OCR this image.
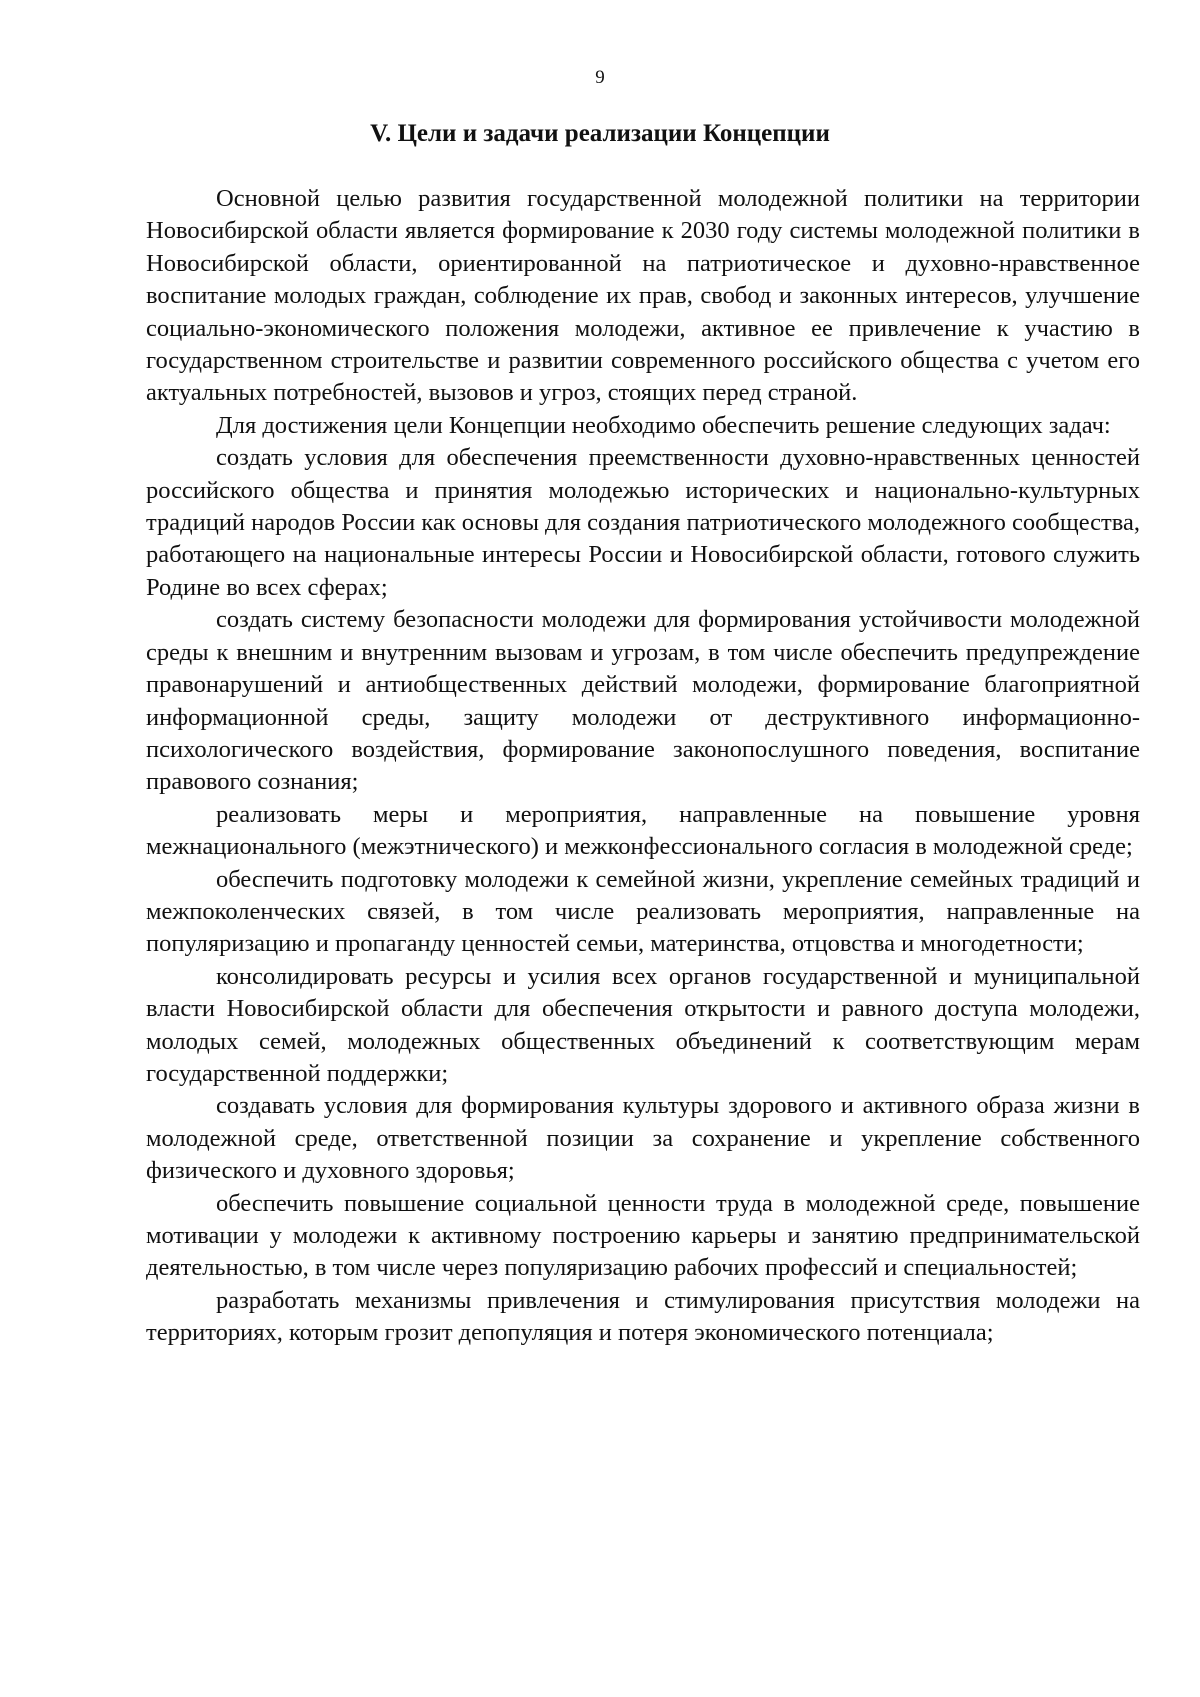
9
V. Цели и задачи реализации Концепции

Основной целью развития государственной молодежной политики на территории Новосибирской области является формирование к 2030 году системы молодежной политики в Новосибирской области, ориентированной на патриотическое и духовно-нравственное воспитание молодых граждан, соблюдение их прав, свобод и законных интересов, улучшение социально-экономического положения молодежи, активное ее привлечение к участию в государственном строительстве и развитии современного российского общества с учетом его актуальных потребностей, вызовов и угроз, стоящих перед страной.

Для достижения цели Концепции необходимо обеспечить решение следующих задач:

создать условия для обеспечения преемственности духовно-нравственных ценностей российского общества и принятия молодежью исторических и национально-культурных традиций народов России как основы для создания патриотического молодежного сообщества, работающего на национальные интересы России и Новосибирской области, готового служить Родине во всех сферах;

создать систему безопасности молодежи для формирования устойчивости молодежной среды к внешним и внутренним вызовам и угрозам, в том числе обеспечить предупреждение правонарушений и антиобщественных действий молодежи, формирование благоприятной информационной среды, защиту молодежи от деструктивного информационно-психологического воздействия, формирование законопослушного поведения, воспитание правового сознания;

реализовать меры и мероприятия, направленные на повышение уровня межнационального (межэтнического) и межконфессионального согласия в молодежной среде;

обеспечить подготовку молодежи к семейной жизни, укрепление семейных традиций и межпоколенческих связей, в том числе реализовать мероприятия, направленные на популяризацию и пропаганду ценностей семьи, материнства, отцовства и многодетности;

консолидировать ресурсы и усилия всех органов государственной и муниципальной власти Новосибирской области для обеспечения открытости и равного доступа молодежи, молодых семей, молодежных общественных объединений к соответствующим мерам государственной поддержки;

создавать условия для формирования культуры здорового и активного образа жизни в молодежной среде, ответственной позиции за сохранение и укрепление собственного физического и духовного здоровья;

обеспечить повышение социальной ценности труда в молодежной среде, повышение мотивации у молодежи к активному построению карьеры и занятию предпринимательской деятельностью, в том числе через популяризацию рабочих профессий и специальностей;

разработать механизмы привлечения и стимулирования присутствия молодежи на территориях, которым грозит депопуляция и потеря экономического потенциала;
